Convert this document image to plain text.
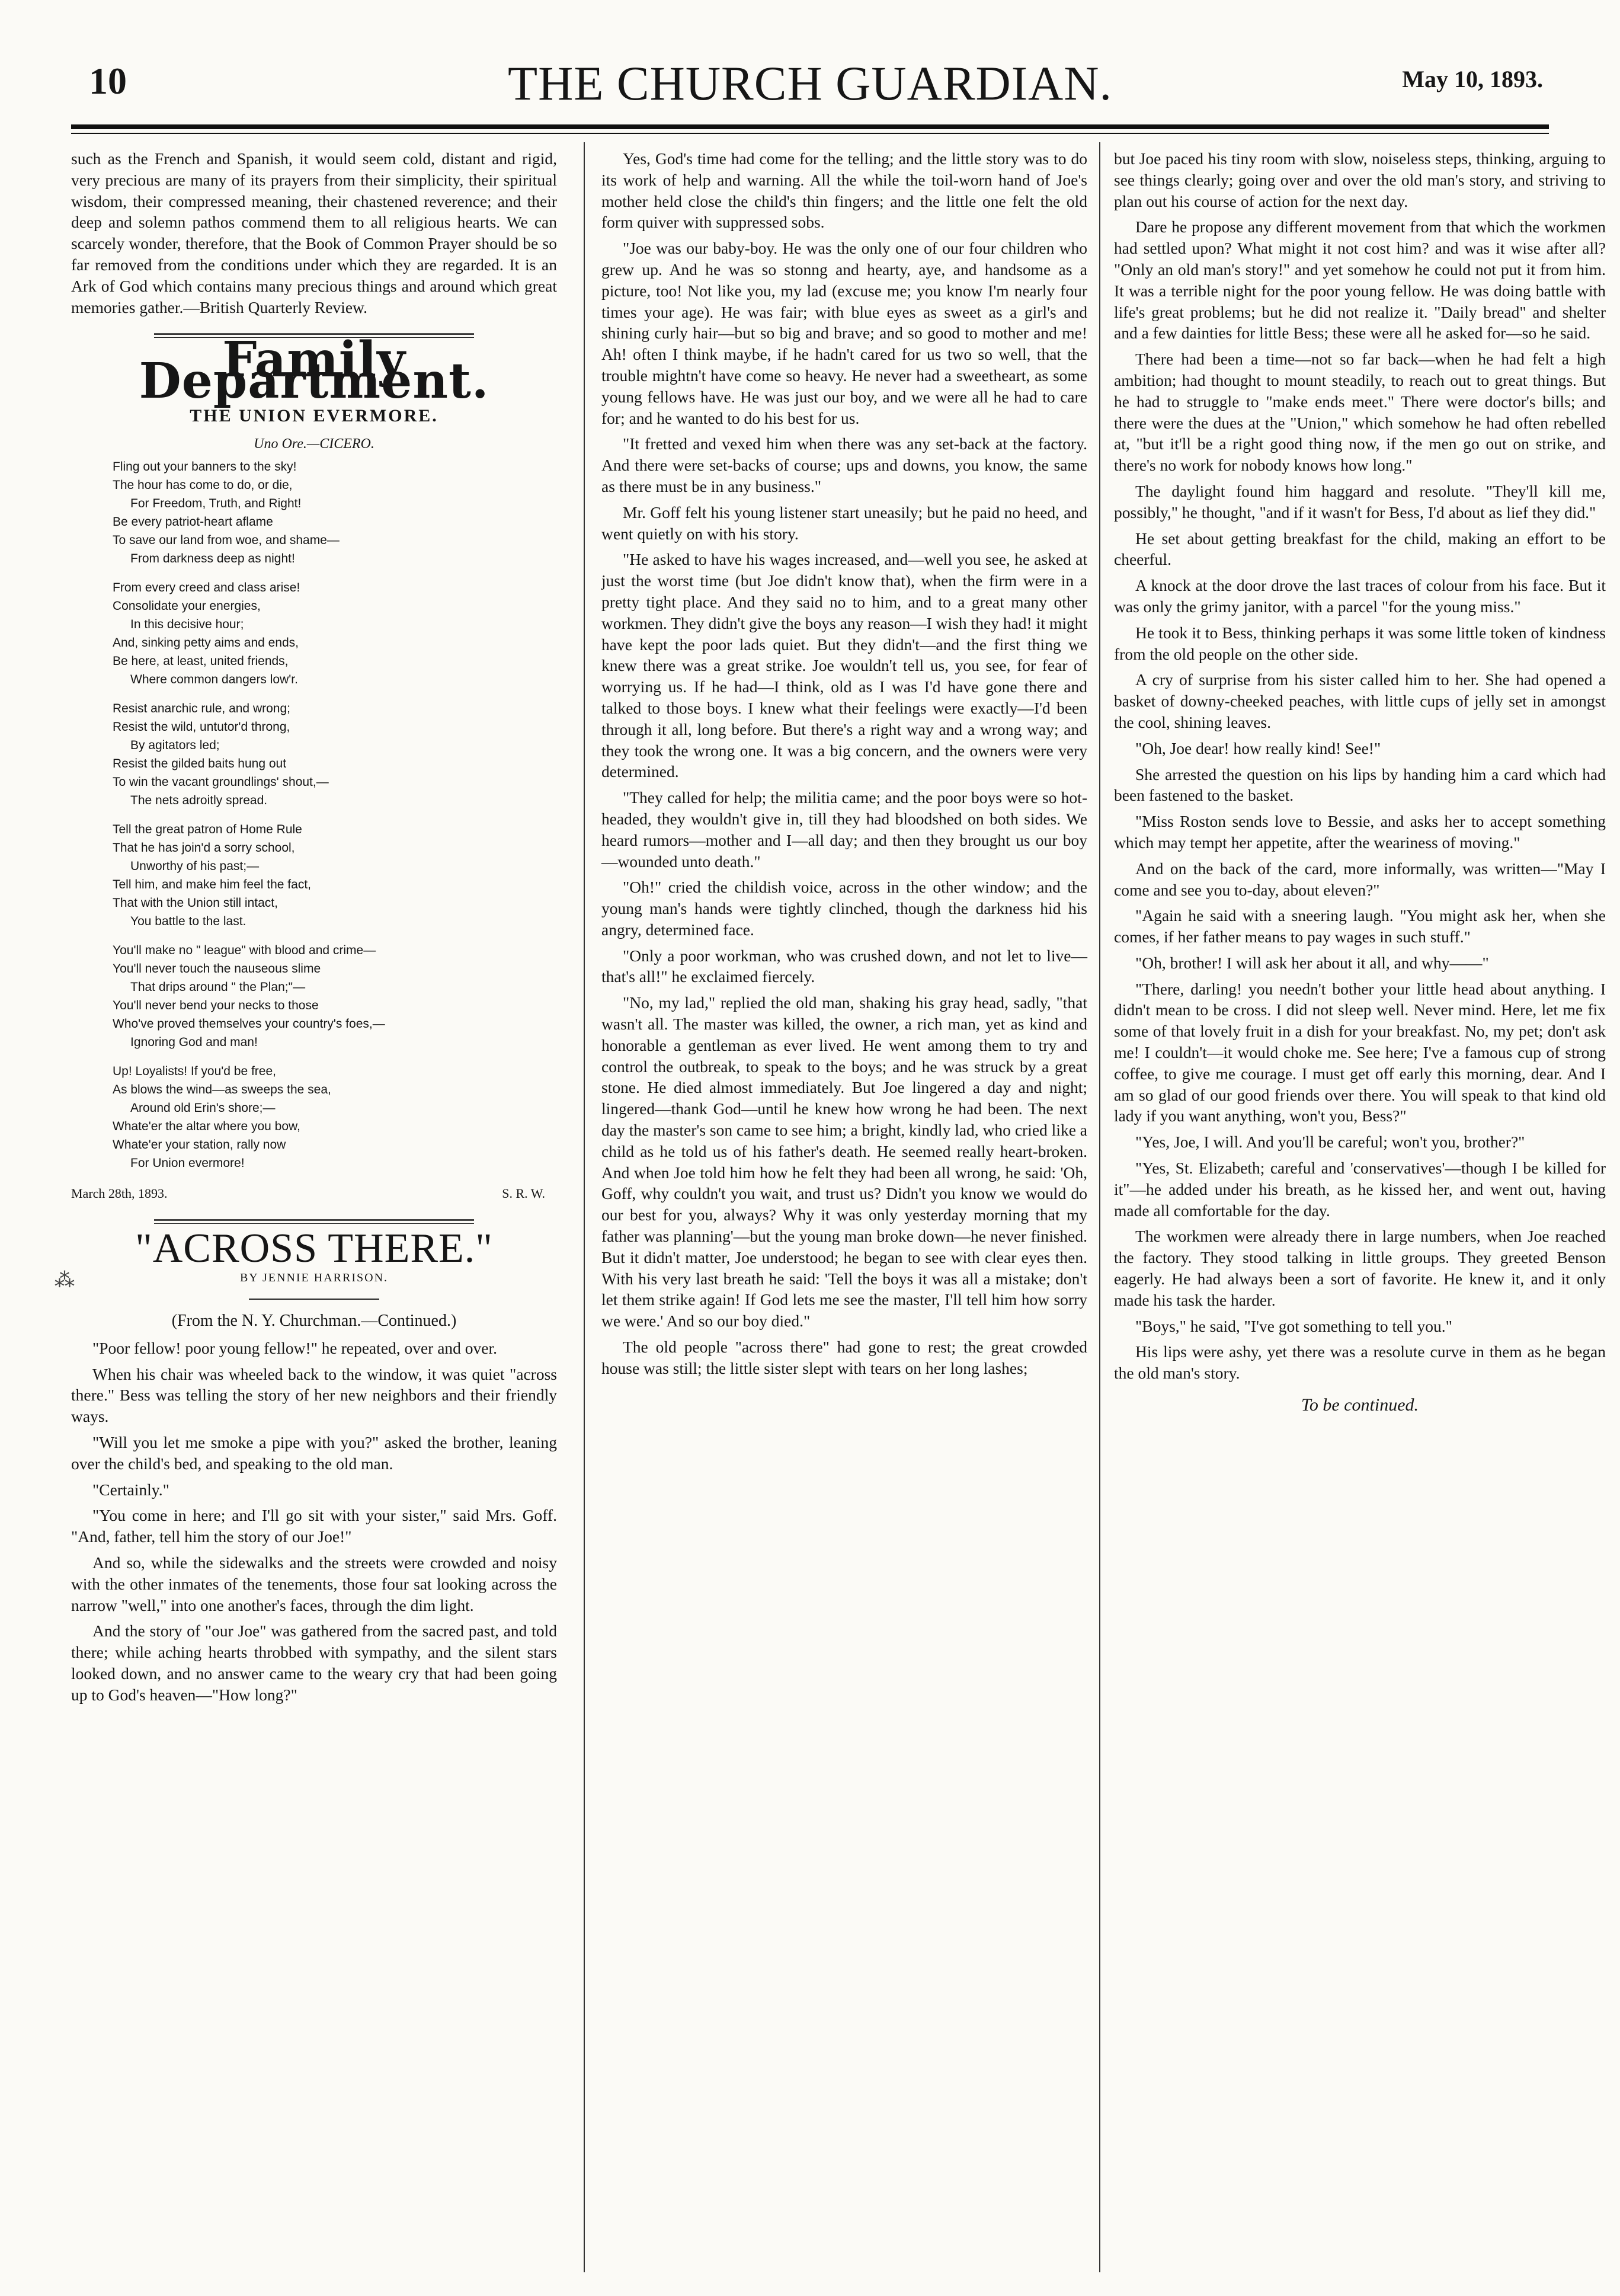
10	THE CHURCH GUARDIAN.	May 10, 1893.
⁂

such as the French and Spanish, it would seem cold, distant and rigid, very precious are many of its prayers from their simplicity, their spiritual wisdom, their compressed meaning, their chastened reverence; and their deep and solemn pathos commend them to all religious hearts. We can scarcely wonder, therefore, that the Book of Common Prayer should be so far removed from the conditions under which they are regarded. It is an Ark of God which contains many precious things and around which great memories gather.—British Quarterly Review.

Family Department.
THE UNION EVERMORE.
Uno Ore.—CICERO.
Fling out your banners to the sky!
The hour has come to do, or die,
For Freedom, Truth, and Right!
Be every patriot-heart aflame
To save our land from woe, and shame—
From darkness deep as night!
From every creed and class arise!
Consolidate your energies,
In this decisive hour;
And, sinking petty aims and ends,
Be here, at least, united friends,
Where common dangers low'r.
Resist anarchic rule, and wrong;
Resist the wild, untutor'd throng,
By agitators led;
Resist the gilded baits hung out
To win the vacant groundlings' shout,—
The nets adroitly spread.
Tell the great patron of Home Rule
That he has join'd a sorry school,
Unworthy of his past;—
Tell him, and make him feel the fact,
That with the Union still intact,
You battle to the last.
You'll make no " league" with blood and crime—
You'll never touch the nauseous slime
That drips around " the Plan;"—
You'll never bend your necks to those
Who've proved themselves your country's foes,—
Ignoring God and man!
Up! Loyalists! If you'd be free,
As blows the wind—as sweeps the sea,
Around old Erin's shore;—
Whate'er the altar where you bow,
Whate'er your station, rally now
For Union evermore!
March 28th, 1893.	S. R. W.
"ACROSS THERE."
BY JENNIE HARRISON.
(From the N. Y. Churchman.—Continued.)

"Poor fellow! poor young fellow!" he repeated, over and over.

When his chair was wheeled back to the window, it was quiet "across there." Bess was telling the story of her new neighbors and their friendly ways.

"Will you let me smoke a pipe with you?" asked the brother, leaning over the child's bed, and speaking to the old man.

"Certainly."

"You come in here; and I'll go sit with your sister," said Mrs. Goff. "And, father, tell him the story of our Joe!"

And so, while the sidewalks and the streets were crowded and noisy with the other inmates of the tenements, those four sat looking across the narrow "well," into one another's faces, through the dim light.

And the story of "our Joe" was gathered from the sacred past, and told there; while aching hearts throbbed with sympathy, and the silent stars looked down, and no answer came to the weary cry that had been going up to God's heaven—"How long?"

Yes, God's time had come for the telling; and the little story was to do its work of help and warning. All the while the toil-worn hand of Joe's mother held close the child's thin fingers; and the little one felt the old form quiver with suppressed sobs.

"Joe was our baby-boy. He was the only one of our four children who grew up. And he was so stonng and hearty, aye, and handsome as a picture, too! Not like you, my lad (excuse me; you know I'm nearly four times your age). He was fair; with blue eyes as sweet as a girl's and shining curly hair—but so big and brave; and so good to mother and me! Ah! often I think maybe, if he hadn't cared for us two so well, that the trouble mightn't have come so heavy. He never had a sweetheart, as some young fellows have. He was just our boy, and we were all he had to care for; and he wanted to do his best for us.

"It fretted and vexed him when there was any set-back at the factory. And there were set-backs of course; ups and downs, you know, the same as there must be in any business."

Mr. Goff felt his young listener start uneasily; but he paid no heed, and went quietly on with his story.

"He asked to have his wages increased, and—well you see, he asked at just the worst time (but Joe didn't know that), when the firm were in a pretty tight place. And they said no to him, and to a great many other workmen. They didn't give the boys any reason—I wish they had! it might have kept the poor lads quiet. But they didn't—and the first thing we knew there was a great strike. Joe wouldn't tell us, you see, for fear of worrying us. If he had—I think, old as I was I'd have gone there and talked to those boys. I knew what their feelings were exactly—I'd been through it all, long before. But there's a right way and a wrong way; and they took the wrong one. It was a big concern, and the owners were very determined.

"They called for help; the militia came; and the poor boys were so hot-headed, they wouldn't give in, till they had bloodshed on both sides. We heard rumors—mother and I—all day; and then they brought us our boy—wounded unto death."

"Oh!" cried the childish voice, across in the other window; and the young man's hands were tightly clinched, though the darkness hid his angry, determined face.

"Only a poor workman, who was crushed down, and not let to live—that's all!" he exclaimed fiercely.

"No, my lad," replied the old man, shaking his gray head, sadly, "that wasn't all. The master was killed, the owner, a rich man, yet as kind and honorable a gentleman as ever lived. He went among them to try and control the outbreak, to speak to the boys; and he was struck by a great stone. He died almost immediately. But Joe lingered a day and night; lingered—thank God—until he knew how wrong he had been. The next day the master's son came to see him; a bright, kindly lad, who cried like a child as he told us of his father's death. He seemed really heart-broken. And when Joe told him how he felt they had been all wrong, he said: 'Oh, Goff, why couldn't you wait, and trust us? Didn't you know we would do our best for you, always? Why it was only yesterday morning that my father was planning'—but the young man broke down—he never finished. But it didn't matter, Joe understood; he began to see with clear eyes then. With his very last breath he said: 'Tell the boys it was all a mistake; don't let them strike again! If God lets me see the master, I'll tell him how sorry we were.' And so our boy died."

The old people "across there" had gone to rest; the great crowded house was still; the little sister slept with tears on her long lashes;

but Joe paced his tiny room with slow, noiseless steps, thinking, arguing to see things clearly; going over and over the old man's story, and striving to plan out his course of action for the next day.

Dare he propose any different movement from that which the workmen had settled upon? What might it not cost him? and was it wise after all? "Only an old man's story!" and yet somehow he could not put it from him. It was a terrible night for the poor young fellow. He was doing battle with life's great problems; but he did not realize it. "Daily bread" and shelter and a few dainties for little Bess; these were all he asked for—so he said.

There had been a time—not so far back—when he had felt a high ambition; had thought to mount steadily, to reach out to great things. But he had to struggle to "make ends meet." There were doctor's bills; and there were the dues at the "Union," which somehow he had often rebelled at, "but it'll be a right good thing now, if the men go out on strike, and there's no work for nobody knows how long."

The daylight found him haggard and resolute. "They'll kill me, possibly," he thought, "and if it wasn't for Bess, I'd about as lief they did."

He set about getting breakfast for the child, making an effort to be cheerful.

A knock at the door drove the last traces of colour from his face. But it was only the grimy janitor, with a parcel "for the young miss."

He took it to Bess, thinking perhaps it was some little token of kindness from the old people on the other side.

A cry of surprise from his sister called him to her. She had opened a basket of downy-cheeked peaches, with little cups of jelly set in amongst the cool, shining leaves.

"Oh, Joe dear! how really kind! See!"

She arrested the question on his lips by handing him a card which had been fastened to the basket.

"Miss Roston sends love to Bessie, and asks her to accept something which may tempt her appetite, after the weariness of moving."

And on the back of the card, more informally, was written—"May I come and see you to-day, about eleven?"

"Again he said with a sneering laugh. "You might ask her, when she comes, if her father means to pay wages in such stuff."

"Oh, brother! I will ask her about it all, and why——"

"There, darling! you needn't bother your little head about anything. I didn't mean to be cross. I did not sleep well. Never mind. Here, let me fix some of that lovely fruit in a dish for your breakfast. No, my pet; don't ask me! I couldn't—it would choke me. See here; I've a famous cup of strong coffee, to give me courage. I must get off early this morning, dear. And I am so glad of our good friends over there. You will speak to that kind old lady if you want anything, won't you, Bess?"

"Yes, Joe, I will. And you'll be careful; won't you, brother?"

"Yes, St. Elizabeth; careful and 'conservatives'—though I be killed for it"—he added under his breath, as he kissed her, and went out, having made all comfortable for the day.

The workmen were already there in large numbers, when Joe reached the factory. They stood talking in little groups. They greeted Benson eagerly. He had always been a sort of favorite. He knew it, and it only made his task the harder.

"Boys," he said, "I've got something to tell you."

His lips were ashy, yet there was a resolute curve in them as he began the old man's story.

To be continued.
